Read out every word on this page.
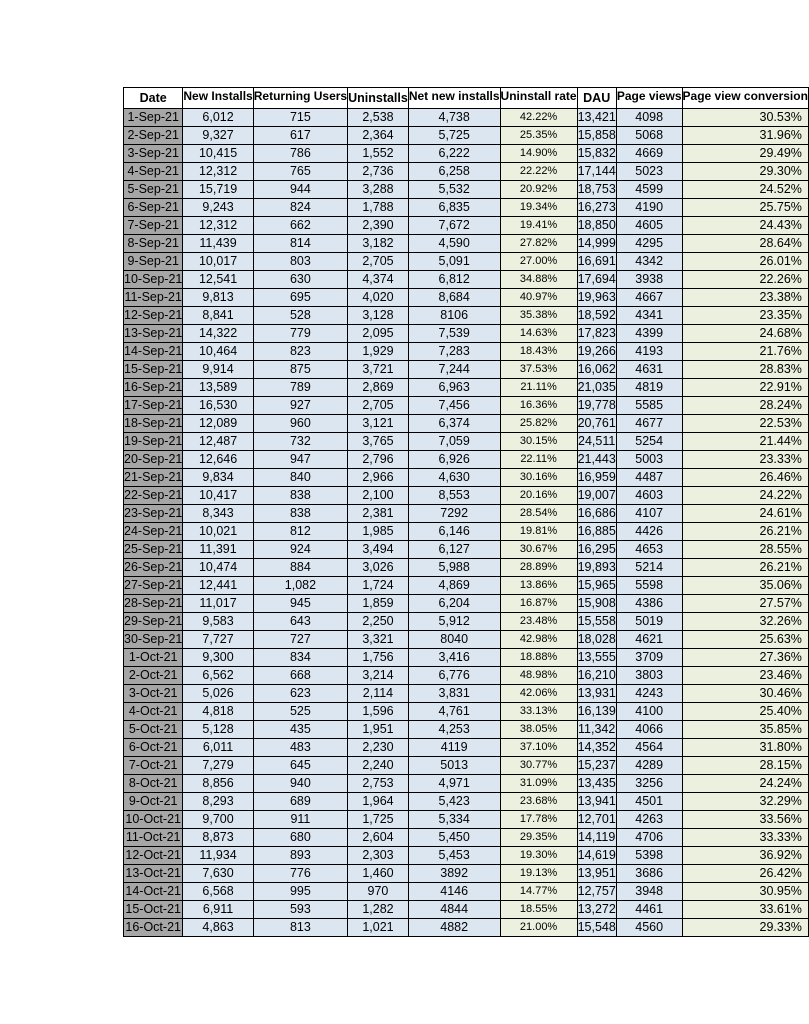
Date	New Installs	Returning Users	Uninstalls	Net new installs	Uninstall rate	DAU	Page views	Page view conversion

1-Sep-21	6,012	715	2,538	4,738	42.22%	13,421	4098	30.53%
2-Sep-21	9,327	617	2,364	5,725	25.35%	15,858	5068	31.96%
3-Sep-21	10,415	786	1,552	6,222	14.90%	15,832	4669	29.49%
4-Sep-21	12,312	765	2,736	6,258	22.22%	17,144	5023	29.30%
5-Sep-21	15,719	944	3,288	5,532	20.92%	18,753	4599	24.52%
6-Sep-21	9,243	824	1,788	6,835	19.34%	16,273	4190	25.75%
7-Sep-21	12,312	662	2,390	7,672	19.41%	18,850	4605	24.43%
8-Sep-21	11,439	814	3,182	4,590	27.82%	14,999	4295	28.64%
9-Sep-21	10,017	803	2,705	5,091	27.00%	16,691	4342	26.01%
10-Sep-21	12,541	630	4,374	6,812	34.88%	17,694	3938	22.26%
11-Sep-21	9,813	695	4,020	8,684	40.97%	19,963	4667	23.38%
12-Sep-21	8,841	528	3,128	8106	35.38%	18,592	4341	23.35%
13-Sep-21	14,322	779	2,095	7,539	14.63%	17,823	4399	24.68%
14-Sep-21	10,464	823	1,929	7,283	18.43%	19,266	4193	21.76%
15-Sep-21	9,914	875	3,721	7,244	37.53%	16,062	4631	28.83%
16-Sep-21	13,589	789	2,869	6,963	21.11%	21,035	4819	22.91%
17-Sep-21	16,530	927	2,705	7,456	16.36%	19,778	5585	28.24%
18-Sep-21	12,089	960	3,121	6,374	25.82%	20,761	4677	22.53%
19-Sep-21	12,487	732	3,765	7,059	30.15%	24,511	5254	21.44%
20-Sep-21	12,646	947	2,796	6,926	22.11%	21,443	5003	23.33%
21-Sep-21	9,834	840	2,966	4,630	30.16%	16,959	4487	26.46%
22-Sep-21	10,417	838	2,100	8,553	20.16%	19,007	4603	24.22%
23-Sep-21	8,343	838	2,381	7292	28.54%	16,686	4107	24.61%
24-Sep-21	10,021	812	1,985	6,146	19.81%	16,885	4426	26.21%
25-Sep-21	11,391	924	3,494	6,127	30.67%	16,295	4653	28.55%
26-Sep-21	10,474	884	3,026	5,988	28.89%	19,893	5214	26.21%
27-Sep-21	12,441	1,082	1,724	4,869	13.86%	15,965	5598	35.06%
28-Sep-21	11,017	945	1,859	6,204	16.87%	15,908	4386	27.57%
29-Sep-21	9,583	643	2,250	5,912	23.48%	15,558	5019	32.26%
30-Sep-21	7,727	727	3,321	8040	42.98%	18,028	4621	25.63%
1-Oct-21	9,300	834	1,756	3,416	18.88%	13,555	3709	27.36%
2-Oct-21	6,562	668	3,214	6,776	48.98%	16,210	3803	23.46%
3-Oct-21	5,026	623	2,114	3,831	42.06%	13,931	4243	30.46%
4-Oct-21	4,818	525	1,596	4,761	33.13%	16,139	4100	25.40%
5-Oct-21	5,128	435	1,951	4,253	38.05%	11,342	4066	35.85%
6-Oct-21	6,011	483	2,230	4119	37.10%	14,352	4564	31.80%
7-Oct-21	7,279	645	2,240	5013	30.77%	15,237	4289	28.15%
8-Oct-21	8,856	940	2,753	4,971	31.09%	13,435	3256	24.24%
9-Oct-21	8,293	689	1,964	5,423	23.68%	13,941	4501	32.29%
10-Oct-21	9,700	911	1,725	5,334	17.78%	12,701	4263	33.56%
11-Oct-21	8,873	680	2,604	5,450	29.35%	14,119	4706	33.33%
12-Oct-21	11,934	893	2,303	5,453	19.30%	14,619	5398	36.92%
13-Oct-21	7,630	776	1,460	3892	19.13%	13,951	3686	26.42%
14-Oct-21	6,568	995	970	4146	14.77%	12,757	3948	30.95%
15-Oct-21	6,911	593	1,282	4844	18.55%	13,272	4461	33.61%
16-Oct-21	4,863	813	1,021	4882	21.00%	15,548	4560	29.33%
